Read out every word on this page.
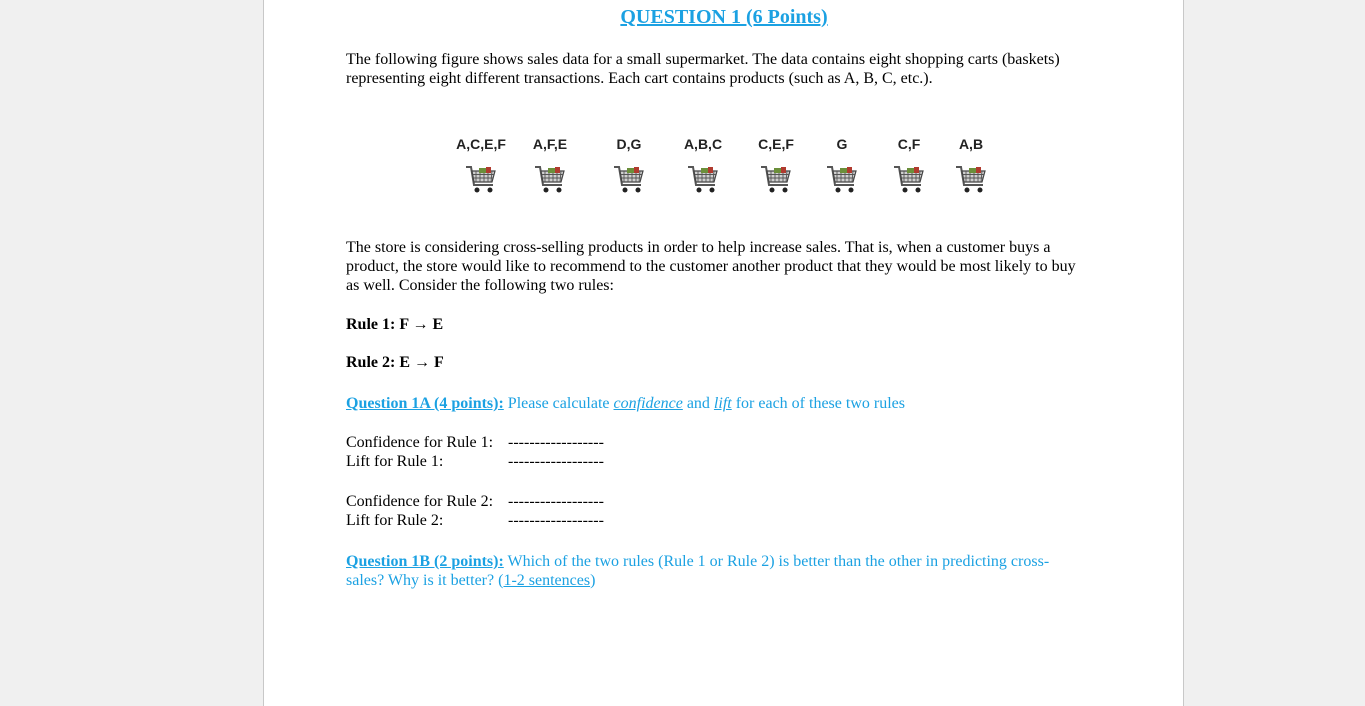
QUESTION 1 (6 Points)
The following figure shows sales data for a small supermarket. The data contains eight shopping carts (baskets)
representing eight different transactions. Each cart contains products (such as A, B, C, etc.).
A,C,E,F	A,F,E	D,G	A,B,C	C,E,F	G	C,F	A,B
The store is considering cross-selling products in order to help increase sales. That is, when a customer buys a
product, the store would like to recommend to the customer another product that they would be most likely to buy
as well. Consider the following two rules:
Rule 1: F → E
Rule 2: E → F
Question 1A (4 points): Please calculate confidence and lift for each of these two rules
Confidence for Rule 1: ------------------
Lift for Rule 1:	------------------
Confidence for Rule 2: ------------------
Lift for Rule 2:	------------------
Question 1B (2 points): Which of the two rules (Rule 1 or Rule 2) is better than the other in predicting cross-
sales? Why is it better? (1-2 sentences)
